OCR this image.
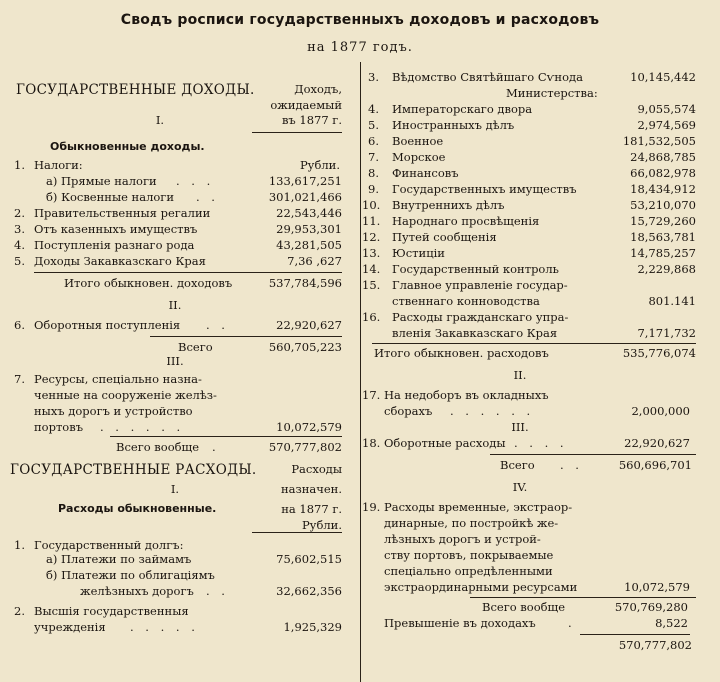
Сводъ росписи государственныхъ доходовъ и расходовъ
на 1877 годъ.
ГОСУДАРСТВЕННЫЕ ДОХОДЫ.	Доходъ,
ожидаемый
I.	въ 1877 г.
Обыкновенные доходы.
1. Налоги:	Рубли.
а) Прямые налоги . . .	133,617,251
б) Косвенные налоги . .	301,021,466
2. Правительственныя регалии	22,543,446
3. Отъ казенныхъ имуществъ	29,953,301
4. Поступленія разнаго рода	43,281,505
5. Доходы Закавказскаго Края	7,36 ,627
Итого обыкновен. доходовъ	537,784,596
II.
6. Оборотныя поступленія . .	22,920,627
Всего	560,705,223
III.
7. Ресурсы, спеціально назна-
ченные на сооруженіе желѣз-
ныхъ дорогъ и устройство
портовъ . . . . . .	10,072,579
Всего вообще .	570,777,802
ГОСУДАРСТВЕННЫЕ РАСХОДЫ.	Расходы
I.	назначен.
Расходы обыкновенные.	на 1877 г.
Рубли.
1. Государственный долгъ:
а) Платежи по займамъ	75,602,515
б) Платежи по облигаціямъ
желѣзныхъ дорогъ . .	32,662,356
2. Высшія государственныя
учрежденія . . . . .	1,925,329
3. Вѣдомство Святѣйшаго Сѵнода	10,145,442
Министерства:
4. Императорскаго двора	9,055,574
5. Иностранныхъ дѣлъ	2,974,569
6. Военное	181,532,505
7. Морское	24,868,785
8. Финансовъ	66,082,978
9. Государственныхъ имуществъ	18,434,912
10. Внутреннихъ дѣлъ	53,210,070
11. Народнаго просвѣщенія	15,729,260
12. Путей сообщенія	18,563,781
13. Юстиціи	14,785,257
14. Государственный контроль	2,229,868
15. Главное управленіе государ-
ственнаго конноводства	801.141
16. Расходы гражданскаго упра-
вленія Закавказскаго Края	7,171,732
Итого обыкновен. расходовъ	535,776,074
II.
17. На недоборъ въ окладныхъ
сборахъ . . . . . .	2,000,000
III.
18. Оборотные расходы . . . .	22,920,627
Всего . .	560,696,701
IV.
19. Расходы временные, экстраор-
динарные, по постройкѣ же-
лѣзныхъ дорогъ и устрой-
ству портовъ, покрываемые
спеціально опредѣленными
экстраординарными ресурсами	10,072,579
Всего вообще	570,769,280
Превышеніе въ доходахъ	.	8,522
570,777,802
